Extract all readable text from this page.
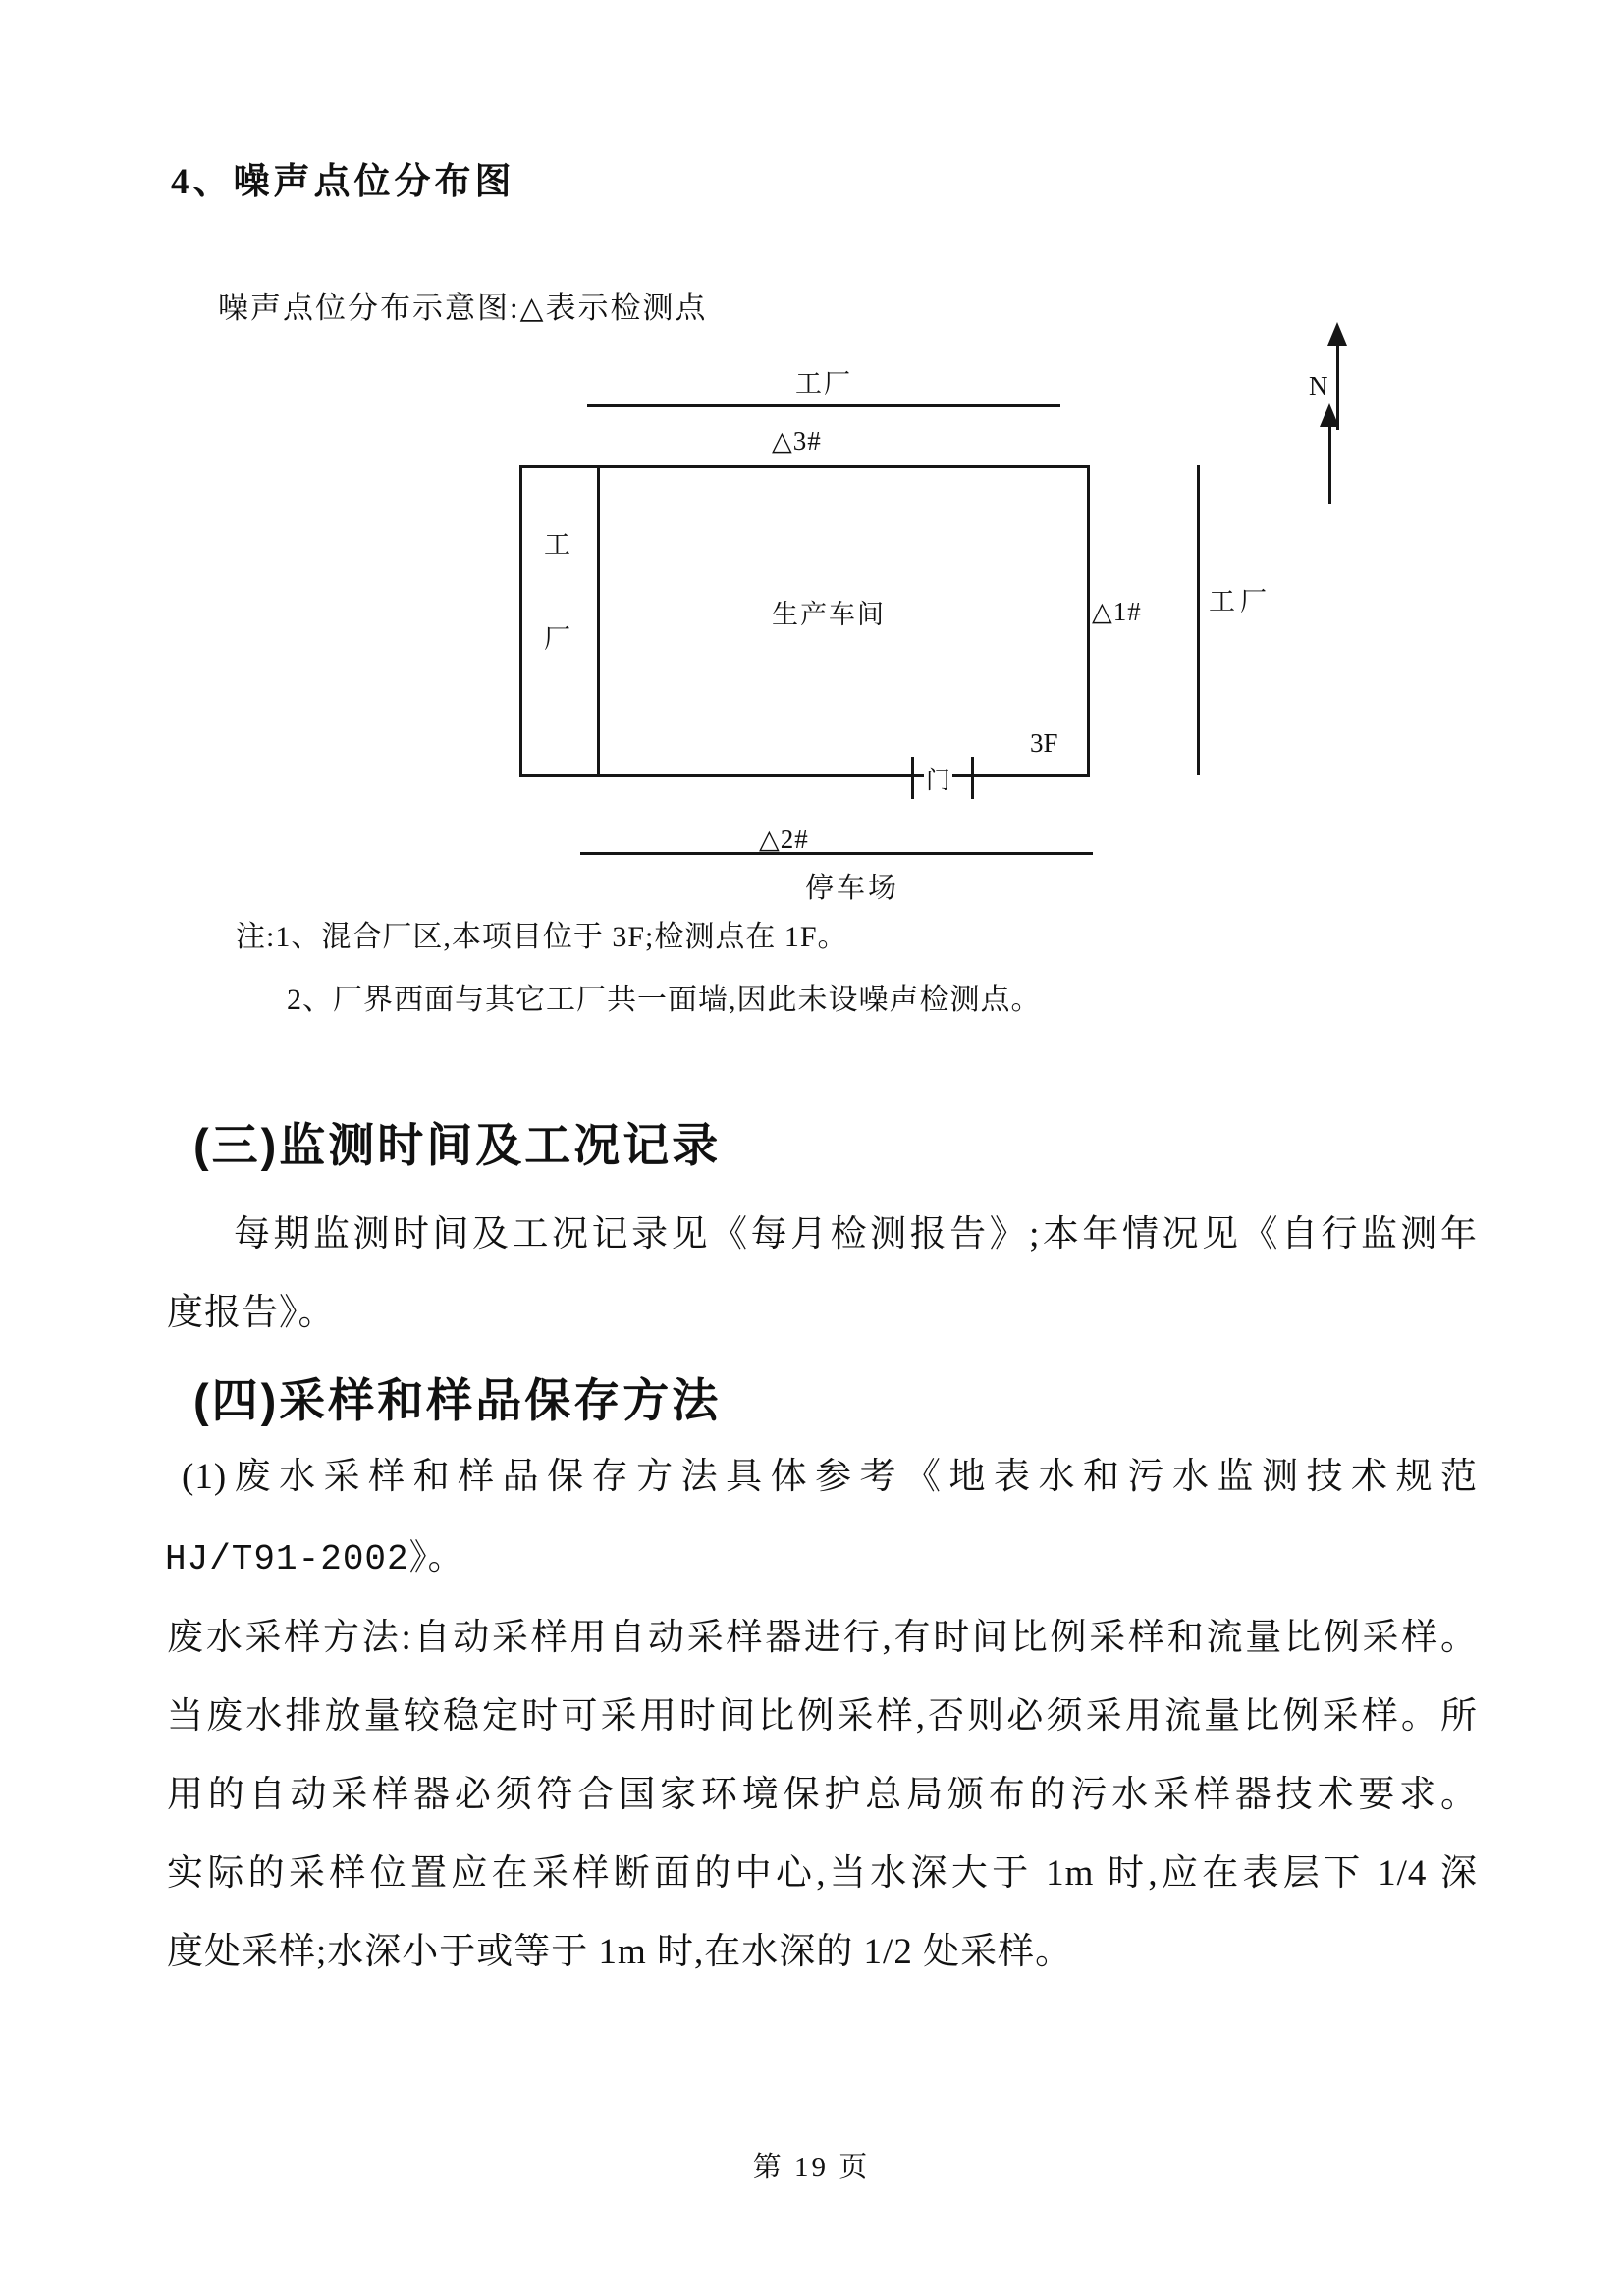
4、噪声点位分布图
噪声点位分布示意图:△表示检测点
工厂
△3#
工
厂
生产车间
门
3F
△1#	工厂
△2#
停车场
N
注:1、混合厂区,本项目位于 3F;检测点在 1F。
2、厂界西面与其它工厂共一面墙,因此未设噪声检测点。
(三)监测时间及工况记录
每期监测时间及工况记录见《每月检测报告》;本年情况见《自行监测年
度报告》。
(四)采样和样品保存方法
(1)废水采样和样品保存方法具体参考《地表水和污水监测技术规范
HJ/T91-2002》。
废水采样方法:自动采样用自动采样器进行,有时间比例采样和流量比例采样。
当废水排放量较稳定时可采用时间比例采样,否则必须采用流量比例采样。所
用的自动采样器必须符合国家环境保护总局颁布的污水采样器技术要求。
实际的采样位置应在采样断面的中心,当水深大于 1m 时,应在表层下 1/4 深
度处采样;水深小于或等于 1m 时,在水深的 1/2 处采样。
第 19 页
